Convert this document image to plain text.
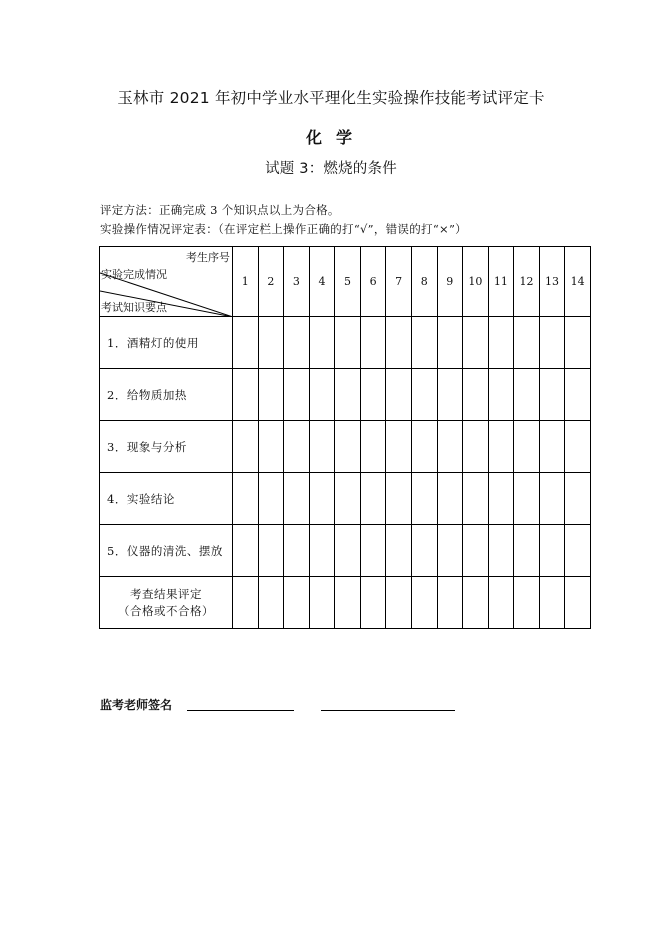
玉林市 2021 年初中学业水平理化生实验操作技能考试评定卡
化学
试题 3：燃烧的条件
评定方法：正确完成 3 个知识点以上为合格。
实验操作情况评定表：（在评定栏上操作正确的打“√”，错误的打“×”）
考生序号
实验完成情况
考试知识要点	1	2	3	4	5	6	7	8	9	10	11	12	13	14
1．酒精灯的使用														
2．给物质加热														
3．现象与分析														
4．实验结论														
5．仪器的清洗、摆放														

考查结果评定
（合格或不合格）														

监考老师签名
